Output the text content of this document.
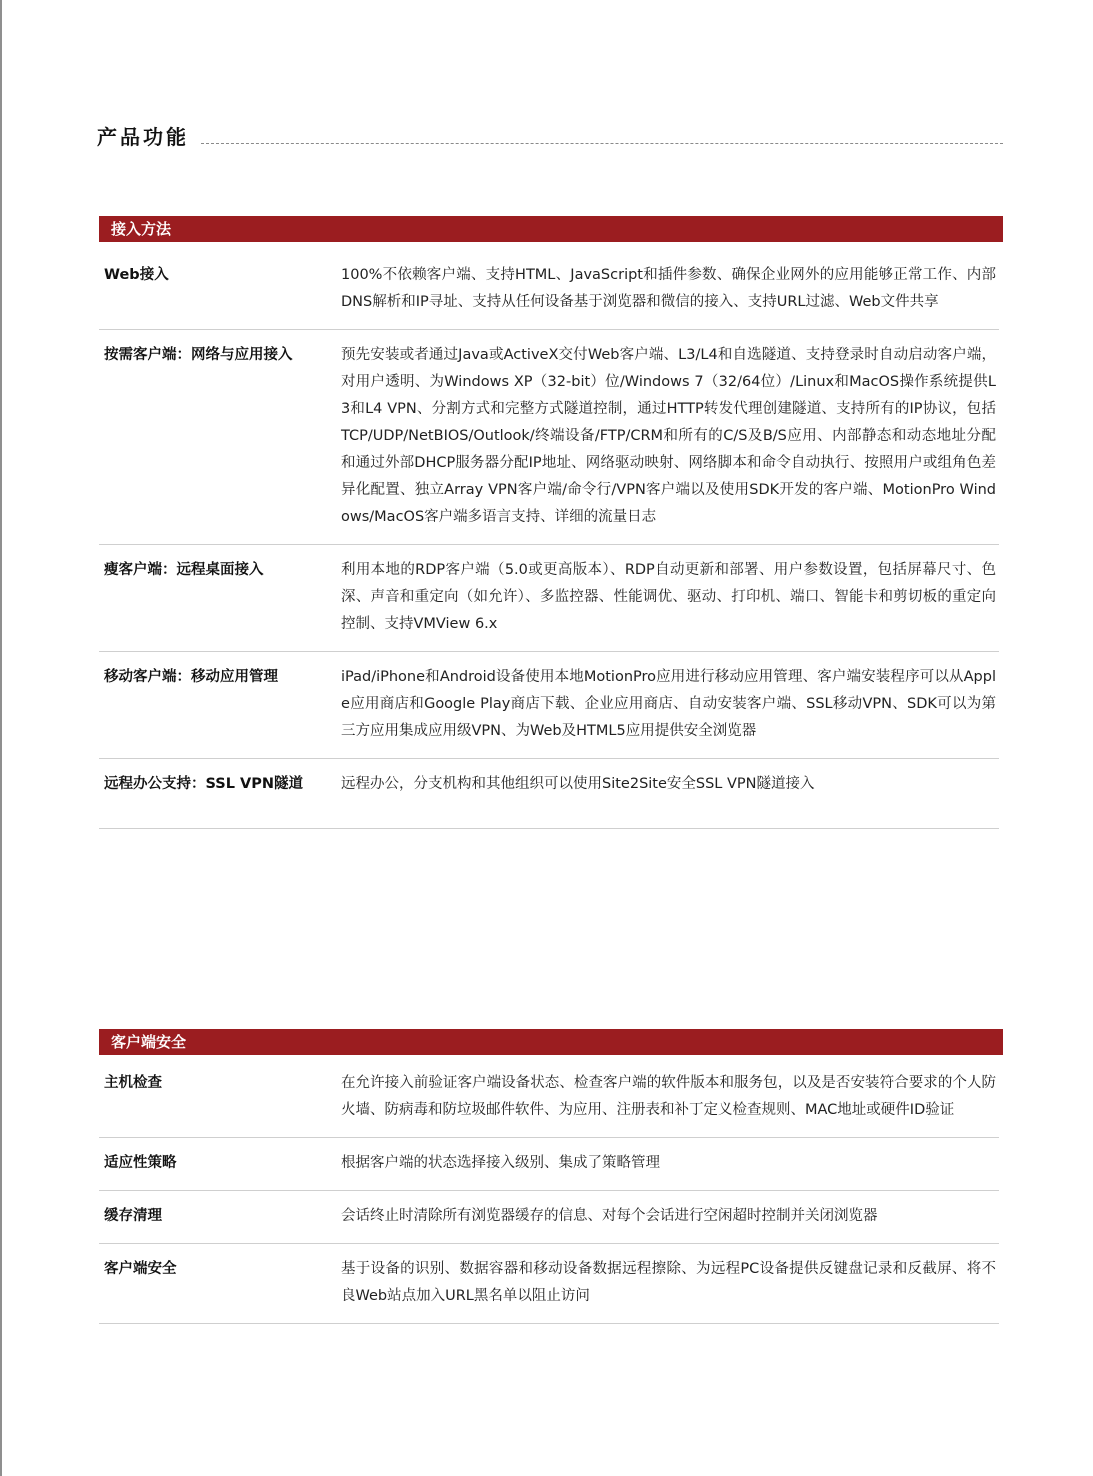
产品功能
接入方法
Web接入	100%不依赖客户端、支持HTML、JavaScript和插件参数、确保企业网外的应用能够正常工作、内部DNS解析和IP寻址、支持从任何设备基于浏览器和微信的接入、支持URL过滤、Web文件共享
按需客户端：网络与应用接入	预先安装或者通过Java或ActiveX交付Web客户端、L3/L4和自选隧道、支持登录时自动启动客户端，对用户透明、为Windows XP（32-bit）位/Windows 7（32/64位）/Linux和MacOS操作系统提供L3和L4 VPN、分割方式和完整方式隧道控制，通过HTTP转发代理创建隧道、支持所有的IP协议，包括TCP/UDP/NetBIOS/Outlook/终端设备/FTP/CRM和所有的C/S及B/S应用、内部静态和动态地址分配和通过外部DHCP服务器分配IP地址、网络驱动映射、网络脚本和命令自动执行、按照用户或组角色差异化配置、独立Array VPN客户端/命令行/VPN客户端以及使用SDK开发的客户端、MotionPro Windows/MacOS客户端多语言支持、详细的流量日志
瘦客户端：远程桌面接入	利用本地的RDP客户端（5.0或更高版本）、RDP自动更新和部署、用户参数设置，包括屏幕尺寸、色深、声音和重定向（如允许）、多监控器、性能调优、驱动、打印机、端口、智能卡和剪切板的重定向控制、支持VMView 6.x
移动客户端：移动应用管理	iPad/iPhone和Android设备使用本地MotionPro应用进行移动应用管理、客户端安装程序可以从Apple应用商店和Google Play商店下载、企业应用商店、自动安装客户端、SSL移动VPN、SDK可以为第三方应用集成应用级VPN、为Web及HTML5应用提供安全浏览器
远程办公支持：SSL VPN隧道	远程办公，分支机构和其他组织可以使用Site2Site安全SSL VPN隧道接入
客户端安全
主机检查	在允许接入前验证客户端设备状态、检查客户端的软件版本和服务包，以及是否安装符合要求的个人防火墙、防病毒和防垃圾邮件软件、为应用、注册表和补丁定义检查规则、MAC地址或硬件ID验证
适应性策略	根据客户端的状态选择接入级别、集成了策略管理
缓存清理	会话终止时清除所有浏览器缓存的信息、对每个会话进行空闲超时控制并关闭浏览器
客户端安全	基于设备的识别、数据容器和移动设备数据远程擦除、为远程PC设备提供反键盘记录和反截屏、将不良Web站点加入URL黑名单以阻止访问
